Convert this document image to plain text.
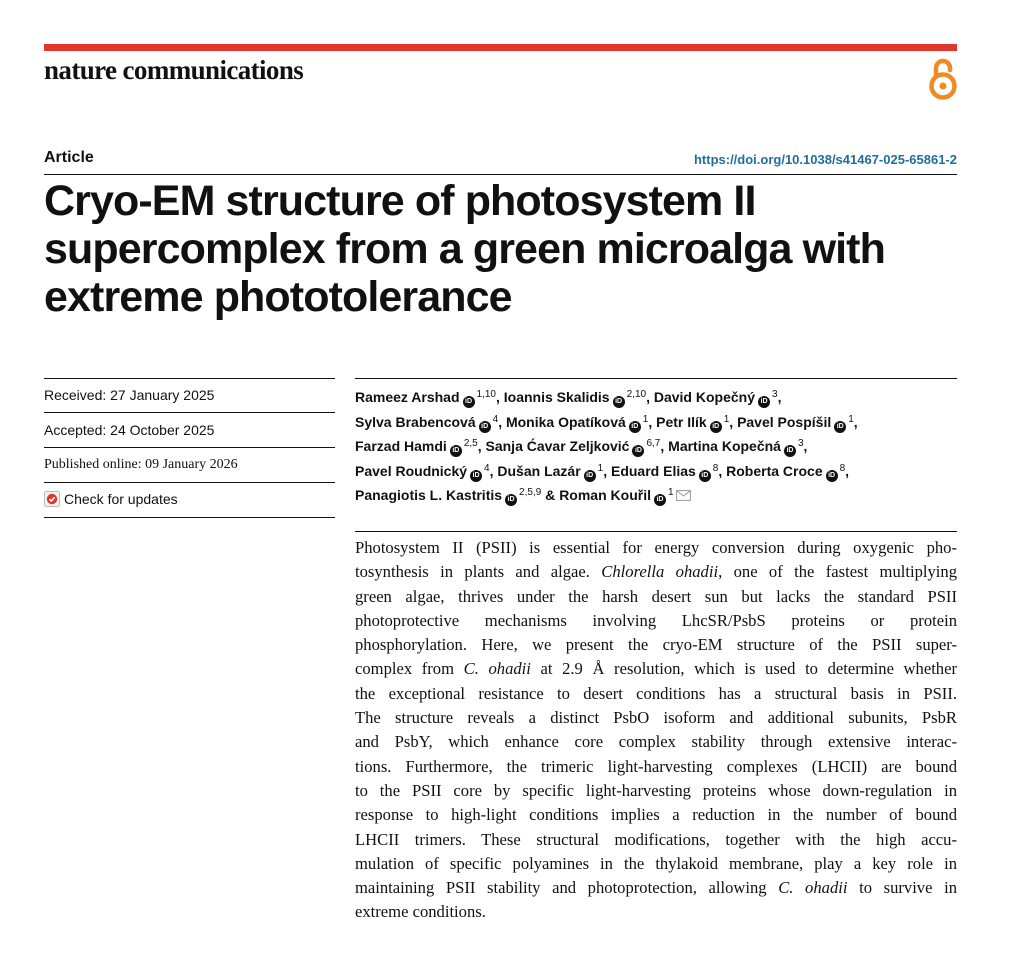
nature communications
Article	https://doi.org/10.1038/s41467-025-65861-2
Cryo-EM structure of photosystem II
supercomplex from a green microalga with
extreme phototolerance
Received: 27 January 2025
Accepted: 24 October 2025
Published online: 09 January 2026
Check for updates
Rameez Arshad iD$^{1,10}$, Ioannis Skalidis iD$^{2,10}$, David Kopečný iD$^3$,
Sylva Brabencová iD$^4$, Monika Opatíková iD$^1$, Petr Ilík iD$^1$, Pavel Pospíšil iD$^1$,
Farzad Hamdi iD$^{2,5}$, Sanja Ćavar Zeljković iD$^{6,7}$, Martina Kopečná iD$^3$,
Pavel Roudnický iD$^4$, Dušan Lazár iD$^1$, Eduard Elias iD$^8$, Roberta Croce iD$^8$,
Panagiotis L. Kastritis iD$^{2,5,9}$ & Roman Kouřil iD$^1$

Photosystem II (PSII) is essential for energy conversion during oxygenic pho-
tosynthesis in plants and algae. Chlorella ohadii, one of the fastest multiplying
green algae, thrives under the harsh desert sun but lacks the standard PSII
photoprotective mechanisms involving LhcSR/PsbS proteins or protein
phosphorylation. Here, we present the cryo-EM structure of the PSII super-
complex from C. ohadii at 2.9 Å resolution, which is used to determine whether
the exceptional resistance to desert conditions has a structural basis in PSII.
The structure reveals a distinct PsbO isoform and additional subunits, PsbR
and PsbY, which enhance core complex stability through extensive interac-
tions. Furthermore, the trimeric light-harvesting complexes (LHCII) are bound
to the PSII core by specific light-harvesting proteins whose down-regulation in
response to high-light conditions implies a reduction in the number of bound
LHCII trimers. These structural modifications, together with the high accu-
mulation of specific polyamines in the thylakoid membrane, play a key role in
maintaining PSII stability and photoprotection, allowing C. ohadii to survive in
extreme conditions.
